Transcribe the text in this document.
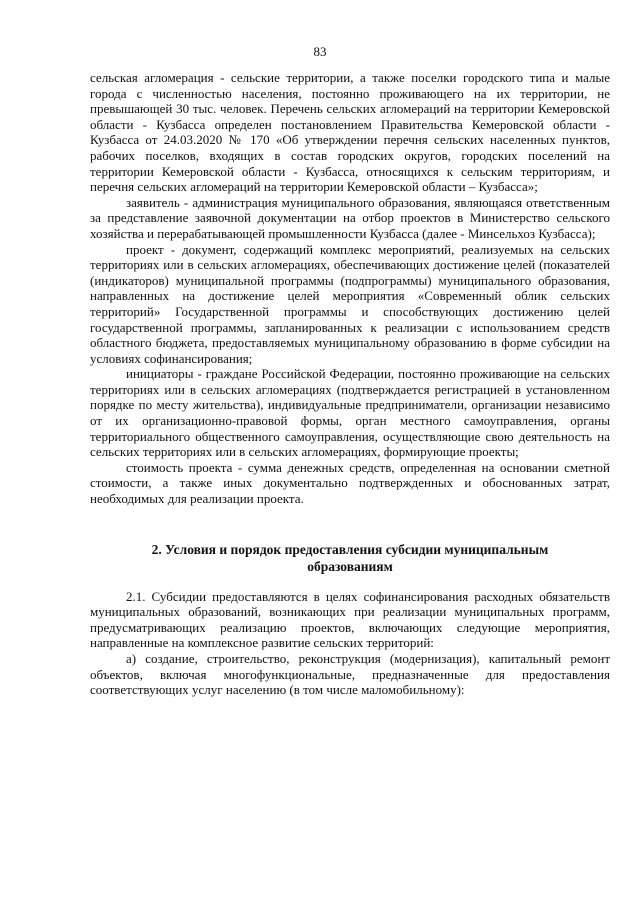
83

сельская агломерация - сельские территории, а также поселки городского типа и малые города с численностью населения, постоянно проживающего на их территории, не превышающей 30 тыс. человек. Перечень сельских агломераций на территории Кемеровской области - Кузбасса определен постановлением Правительства Кемеровской области - Кузбасса от 24.03.2020 № 170 «Об утверждении перечня сельских населенных пунктов, рабочих поселков, входящих в состав городских округов, городских поселений на территории Кемеровской области - Кузбасса, относящихся к сельским территориям, и перечня сельских агломераций на территории Кемеровской области – Кузбасса»;

заявитель - администрация муниципального образования, являющаяся ответственным за представление заявочной документации на отбор проектов в Министерство сельского хозяйства и перерабатывающей промышленности Кузбасса (далее - Минсельхоз Кузбасса);

проект - документ, содержащий комплекс мероприятий, реализуемых на сельских территориях или в сельских агломерациях, обеспечивающих достижение целей (показателей (индикаторов) муниципальной программы (подпрограммы) муниципального образования, направленных на достижение целей мероприятия «Современный облик сельских территорий» Государственной программы и способствующих достижению целей государственной программы, запланированных к реализации с использованием средств областного бюджета, предоставляемых муниципальному образованию в форме субсидии на условиях софинансирования;

инициаторы - граждане Российской Федерации, постоянно проживающие на сельских территориях или в сельских агломерациях (подтверждается регистрацией в установленном порядке по месту жительства), индивидуальные предприниматели, организации независимо от их организационно-правовой формы, орган местного самоуправления, органы территориального общественного самоуправления, осуществляющие свою деятельность на сельских территориях или в сельских агломерациях, формирующие проекты;

стоимость проекта - сумма денежных средств, определенная на основании сметной стоимости, а также иных документально подтвержденных и обоснованных затрат, необходимых для реализации проекта.

2. Условия и порядок предоставления субсидии муниципальным
образованиям

2.1. Субсидии предоставляются в целях софинансирования расходных обязательств муниципальных образований, возникающих при реализации муниципальных программ, предусматривающих реализацию проектов, включающих следующие мероприятия, направленные на комплексное развитие сельских территорий:

а) создание, строительство, реконструкция (модернизация), капитальный ремонт объектов, включая многофункциональные, предназначенные для предоставления соответствующих услуг населению (в том числе маломобильному):
